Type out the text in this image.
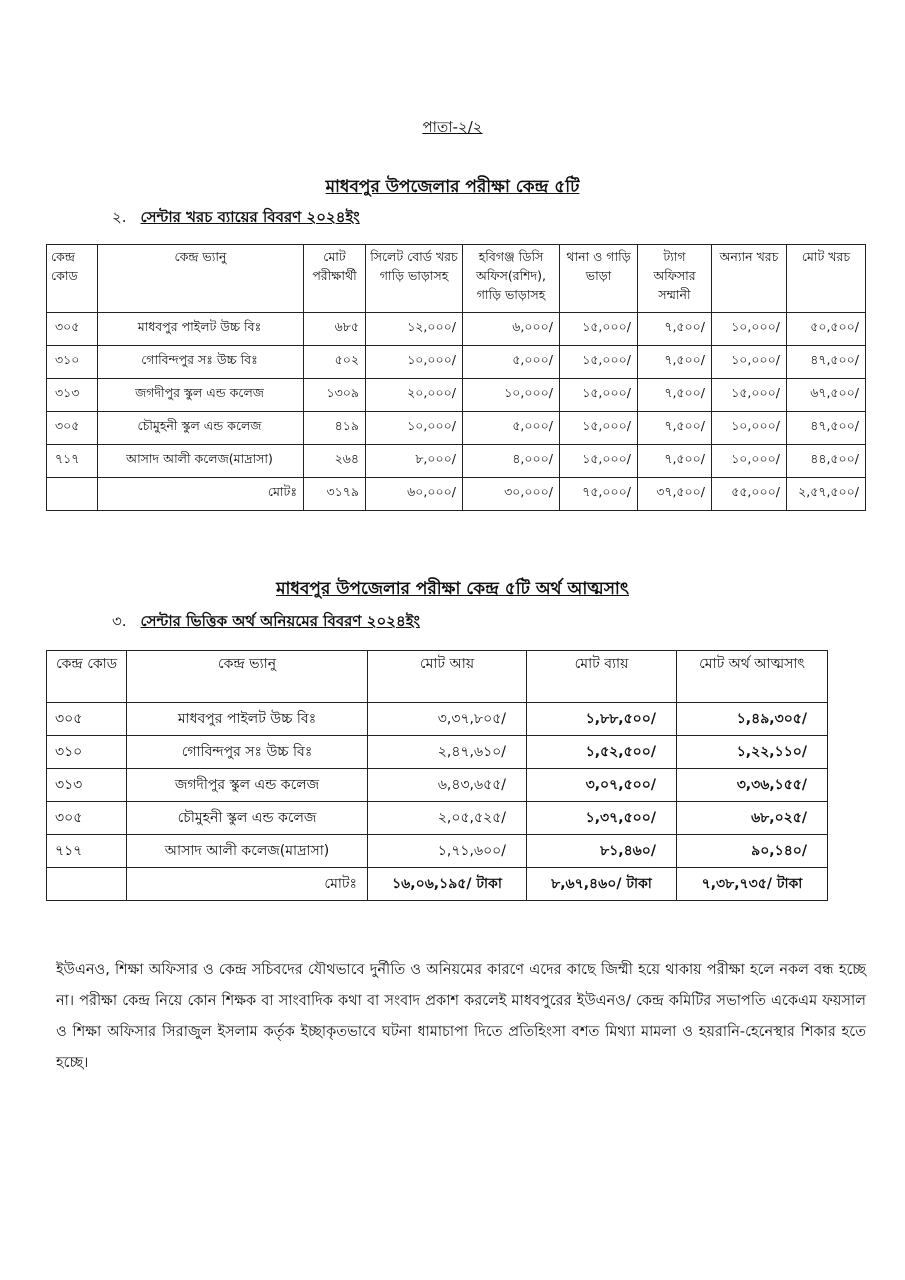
পাতা-২/২
মাধবপুর উপজেলার পরীক্ষা কেন্দ্র ৫টি
২. সেন্টার খরচ ব্যায়ের বিবরণ ২০২৪ইং
কেন্দ্র কোড	কেন্দ্র ভ্যানু	মোট পরীক্ষার্থী	সিলেট বোর্ড খরচ গাড়ি ভাড়াসহ	হবিগঞ্জ ডিসি অফিস(রশিদ), গাড়ি ভাড়াসহ	থানা ও গাড়ি ভাড়া	ট্যাগ অফিসার সম্মানী	অন্যান খরচ	মোট খরচ
৩০৫	মাধবপুর পাইলট উচ্চ বিঃ	৬৮৫	১২,০০০/	৬,০০০/	১৫,০০০/	৭,৫০০/	১০,০০০/	৫০,৫০০/
৩১০	গোবিন্দপুর সঃ উচ্চ বিঃ	৫০২	১০,০০০/	৫,০০০/	১৫,০০০/	৭,৫০০/	১০,০০০/	৪৭,৫০০/
৩১৩	জগদীপুর স্কুল এন্ড কলেজ	১৩০৯	২০,০০০/	১০,০০০/	১৫,০০০/	৭,৫০০/	১৫,০০০/	৬৭,৫০০/
৩০৫	চৌমুহনী স্কুল এন্ড কলেজ	৪১৯	১০,০০০/	৫,০০০/	১৫,০০০/	৭,৫০০/	১০,০০০/	৪৭,৫০০/
৭১৭	আসাদ আলী কলেজ(মাদ্রাসা)	২৬৪	৮,০০০/	৪,০০০/	১৫,০০০/	৭,৫০০/	১০,০০০/	৪৪,৫০০/
	মোটঃ	৩১৭৯	৬০,০০০/	৩০,০০০/	৭৫,০০০/	৩৭,৫০০/	৫৫,০০০/	২,৫৭,৫০০/
মাধবপুর উপজেলার পরীক্ষা কেন্দ্র ৫টি অর্থ আত্মসাৎ
৩. সেন্টার ভিত্তিক অর্থ অনিয়মের বিবরণ ২০২৪ইং
কেন্দ্র কোড	কেন্দ্র ভ্যানু	মোট আয়	মোট ব্যায়	মোট অর্থ আত্মসাৎ
৩০৫	মাধবপুর পাইলট উচ্চ বিঃ	৩,৩৭,৮০৫/	১,৮৮,৫০০/	১,৪৯,৩০৫/
৩১০	গোবিন্দপুর সঃ উচ্চ বিঃ	২,৪৭,৬১০/	১,৫২,৫০০/	১,২২,১১০/
৩১৩	জগদীপুর স্কুল এন্ড কলেজ	৬,৪৩,৬৫৫/	৩,০৭,৫০০/	৩,৩৬,১৫৫/
৩০৫	চৌমুহনী স্কুল এন্ড কলেজ	২,০৫,৫২৫/	১,৩৭,৫০০/	৬৮,০২৫/
৭১৭	আসাদ আলী কলেজ(মাদ্রাসা)	১,৭১,৬০০/	৮১,৪৬০/	৯০,১৪০/
	মোটঃ	১৬,০৬,১৯৫/ টাকা	৮,৬৭,৪৬০/ টাকা	৭,৩৮,৭৩৫/ টাকা
ইউএনও, শিক্ষা অফিসার ও কেন্দ্র সচিবদের যৌথভাবে দুর্নীতি ও অনিয়মের কারণে এদের কাছে জিম্মী হয়ে থাকায় পরীক্ষা হলে নকল বন্ধ হচ্ছে না। পরীক্ষা কেন্দ্র নিয়ে কোন শিক্ষক বা সাংবাদিক কথা বা সংবাদ প্রকাশ করলেই মাধবপুরের ইউএনও/ কেন্দ্র কমিটির সভাপতি একেএম ফয়সাল ও শিক্ষা অফিসার সিরাজুল ইসলাম কর্তৃক ইচ্ছাকৃতভাবে ঘটনা ধামাচাপা দিতে প্রতিহিংসা বশত মিথ্যা মামলা ও হয়রানি-হেনেস্থার শিকার হতে হচ্ছে।
